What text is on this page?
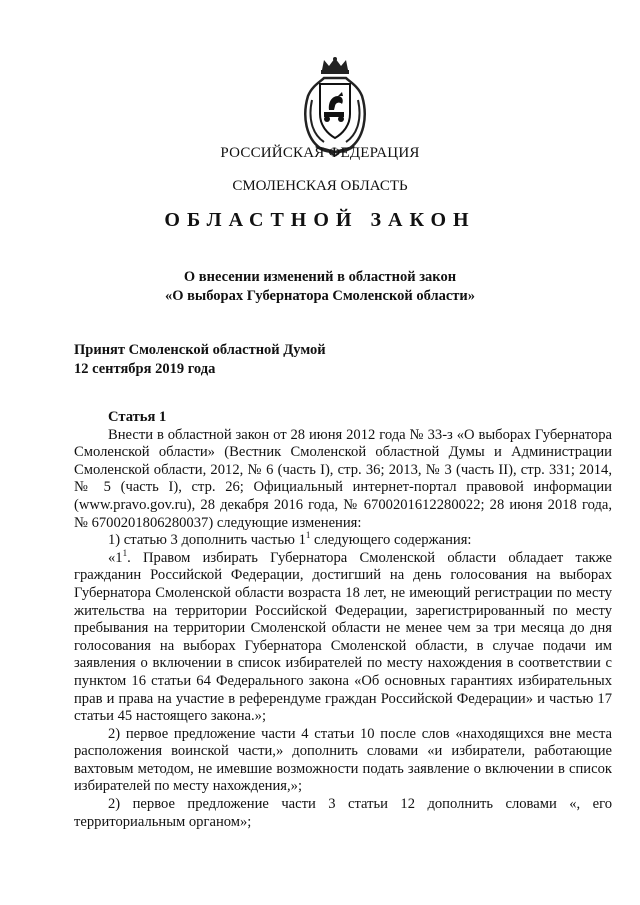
РОССИЙСКАЯ ФЕДЕРАЦИЯ
СМОЛЕНСКАЯ ОБЛАСТЬ
ОБЛАСТНОЙ ЗАКОН
О внесении изменений в областной закон
«О выборах Губернатора Смоленской области»
Принят Смоленской областной Думой
12 сентября 2019 года
Статья 1

Внести в областной закон от 28 июня 2012 года № 33-з «О выборах Губернатора Смоленской области» (Вестник Смоленской областной Думы и Администрации Смоленской области, 2012, № 6 (часть I), стр. 36; 2013, № 3 (часть II), стр. 331; 2014, № 5 (часть I), стр. 26; Официальный интернет-портал правовой информации (www.pravo.gov.ru), 28 декабря 2016 года, № 6700201612280022; 28 июня 2018 года, № 6700201806280037) следующие изменения:

1) статью 3 дополнить частью $1^1$ следующего содержания:

«$1^1$. Правом избирать Губернатора Смоленской области обладает также гражданин Российской Федерации, достигший на день голосования на выборах Губернатора Смоленской области возраста 18 лет, не имеющий регистрации по месту жительства на территории Российской Федерации, зарегистрированный по месту пребывания на территории Смоленской области не менее чем за три месяца до дня голосования на выборах Губернатора Смоленской области, в случае подачи им заявления о включении в список избирателей по месту нахождения в соответствии с пунктом 16 статьи 64 Федерального закона «Об основных гарантиях избирательных прав и права на участие в референдуме граждан Российской Федерации» и частью 17 статьи 45 настоящего закона.»;

2) первое предложение части 4 статьи 10 после слов «находящихся вне места расположения воинской части,» дополнить словами «и избиратели, работающие вахтовым методом, не имевшие возможности подать заявление о включении в список избирателей по месту нахождения,»;

2) первое предложение части 3 статьи 12 дополнить словами «, его территориальным органом»;
